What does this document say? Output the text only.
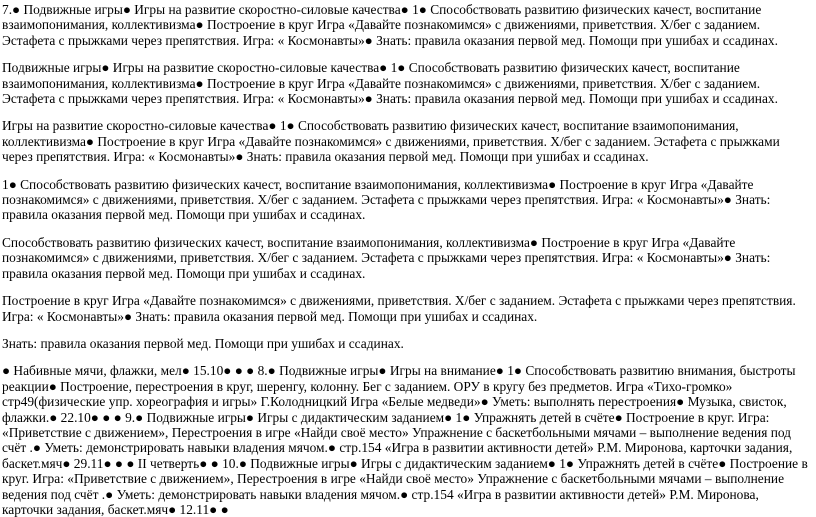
7.● Подвижные игры● Игры на развитие скоростно-силовые качества● 1● Способствовать развитию физических качест, воспитание взаимопонимания, коллективизма● Построение в круг Игра «Давайте познакомимся» с движениями, приветствия. Х/бег с заданием. Эстафета с прыжками через препятствия. Игра: « Космонавты»● Знать: правила оказания первой мед. Помощи при ушибах и ссадинах.

Подвижные игры● Игры на развитие скоростно-силовые качества● 1● Способствовать развитию физических качест, воспитание взаимопонимания, коллективизма● Построение в круг Игра «Давайте познакомимся» с движениями, приветствия. Х/бег с заданием. Эстафета с прыжками через препятствия. Игра: « Космонавты»● Знать: правила оказания первой мед. Помощи при ушибах и ссадинах.

Игры на развитие скоростно-силовые качества● 1● Способствовать развитию физических качест, воспитание взаимопонимания, коллективизма● Построение в круг Игра «Давайте познакомимся» с движениями, приветствия. Х/бег с заданием. Эстафета с прыжками через препятствия. Игра: « Космонавты»● Знать: правила оказания первой мед. Помощи при ушибах и ссадинах.

1● Способствовать развитию физических качест, воспитание взаимопонимания, коллективизма● Построение в круг Игра «Давайте познакомимся» с движениями, приветствия. Х/бег с заданием. Эстафета с прыжками через препятствия. Игра: « Космонавты»● Знать: правила оказания первой мед. Помощи при ушибах и ссадинах.

Способствовать развитию физических качест, воспитание взаимопонимания, коллективизма● Построение в круг Игра «Давайте познакомимся» с движениями, приветствия. Х/бег с заданием. Эстафета с прыжками через препятствия. Игра: « Космонавты»● Знать: правила оказания первой мед. Помощи при ушибах и ссадинах.

Построение в круг Игра «Давайте познакомимся» с движениями, приветствия. Х/бег с заданием. Эстафета с прыжками через препятствия. Игра: « Космонавты»● Знать: правила оказания первой мед. Помощи при ушибах и ссадинах.

Знать: правила оказания первой мед. Помощи при ушибах и ссадинах.

● Набивные мячи, флажки, мел● 15.10● ● ● 8.● Подвижные игры● Игры на внимание● 1● Способствовать развитию внимания, быстроты реакции● Построение, перестроения в круг, шеренгу, колонну. Бег с заданием. ОРУ в кругу без предметов. Игра «Тихо-громко» стр49(физические упр. хореография и игры» Г.Колодницкий Игра «Белые медведи»● Уметь: выполнять перестроения● Музыка, свисток, флажки.● 22.10● ● ● 9.● Подвижные игры● Игры с дидактическим заданием● 1● Упражнять детей в счёте● Построение в круг. Игра: «Приветствие с движением», Перестроения в игре «Найди своё место» Упражнение с баскетбольными мячами – выполнение ведения под счёт .● Уметь: демонстрировать навыки владения мячом.● стр.154 «Игра в развитии активности детей» Р.М. Миронова, карточки задания, баскет.мяч● 29.11● ● ● II четверть● ● 10.● Подвижные игры● Игры с дидактическим заданием● 1● Упражнять детей в счёте● Построение в круг. Игра: «Приветствие с движением», Перестроения в игре «Найди своё место» Упражнение с баскетбольными мячами – выполнение ведения под счёт .● Уметь: демонстрировать навыки владения мячом.● стр.154 «Игра в развитии активности детей» Р.М. Миронова, карточки задания, баскет.мяч● 12.11● ●
